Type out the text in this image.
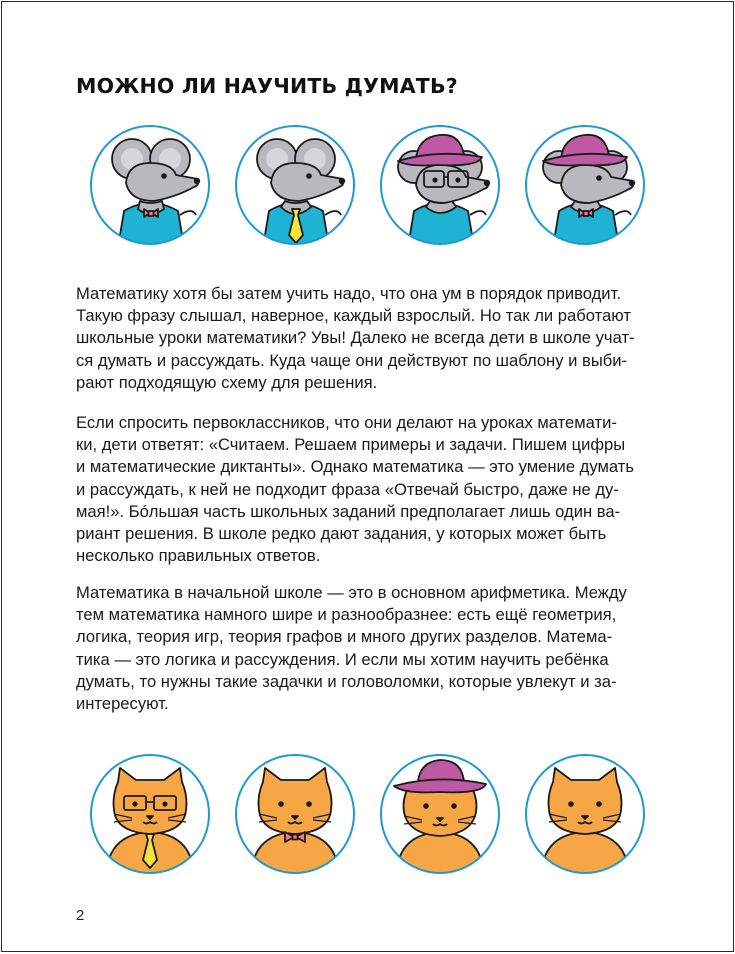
МОЖНО ЛИ НАУЧИТЬ ДУМАТЬ?

Математику хотя бы затем учить надо, что она ум в порядок приводит.
Такую фразу слышал, наверное, каждый взрослый. Но так ли работают
школьные уроки математики? Увы! Далеко не всегда дети в школе учат-
ся думать и рассуждать. Куда чаще они действуют по шаблону и выби-
рают подходящую схему для решения.

Если спросить первоклассников, что они делают на уроках математи-
ки, дети ответят: «Считаем. Решаем примеры и задачи. Пишем цифры
и математические диктанты». Однако математика — это умение думать
и рассуждать, к ней не подходит фраза «Отвечай быстро, даже не ду-
мая!». Бóльшая часть школьных заданий предполагает лишь один ва-
риант решения. В школе редко дают задания, у которых может быть
несколько правильных ответов.

Математика в начальной школе — это в основном арифметика. Между
тем математика намного шире и разнообразнее: есть ещё геометрия,
логика, теория игр, теория графов и много других разделов. Матема-
тика — это логика и рассуждения. И если мы хотим научить ребёнка
думать, то нужны такие задачки и головоломки, которые увлекут и за-
интересуют.

2
